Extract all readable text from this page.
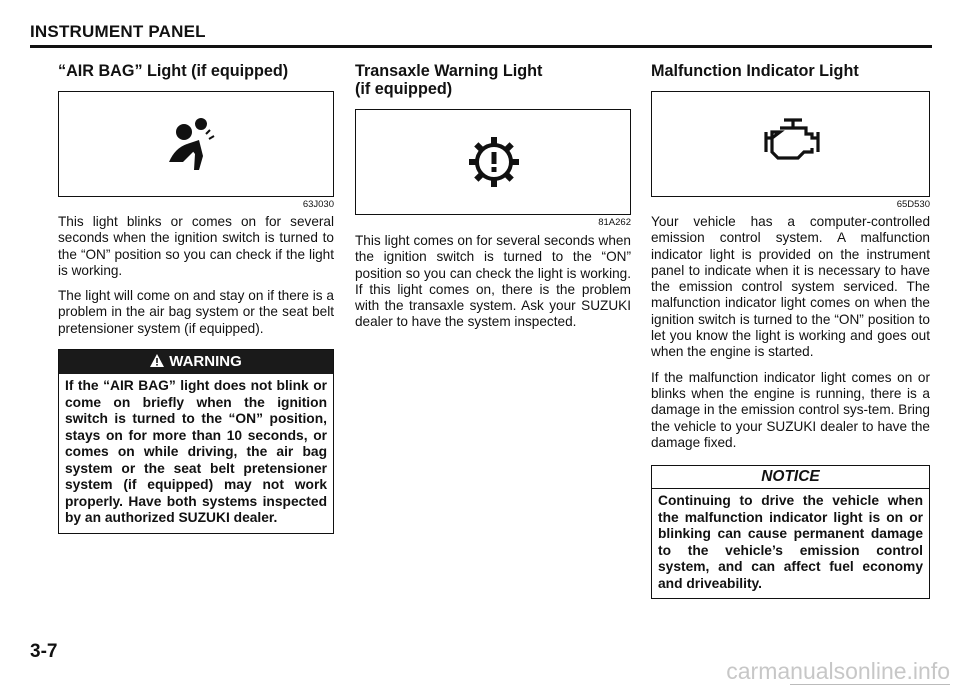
INSTRUMENT PANEL
“AIR BAG” Light (if equipped)
63J030

This light blinks or comes on for several seconds when the ignition switch is turned to the “ON” position so you can check if the light is working.

The light will come on and stay on if there is a problem in the air bag system or the seat belt pretensioner system (if equipped).

WARNING
If the “AIR BAG” light does not blink or come on briefly when the ignition switch is turned to the “ON” position, stays on for more than 10 seconds, or comes on while driving, the air bag system or the seat belt pretensioner system (if equipped) may not work properly. Have both systems inspected by an authorized SUZUKI dealer.
Transaxle Warning Light
(if equipped)
81A262

This light comes on for several seconds when the ignition switch is turned to the “ON” position so you can check the light is working. If this light comes on, there is the problem with the transaxle system. Ask your SUZUKI dealer to have the system inspected.

Malfunction Indicator Light
65D530

Your vehicle has a computer-controlled emission control system. A malfunction indicator light is provided on the instrument panel to indicate when it is necessary to have the emission control system serviced. The malfunction indicator light comes on when the ignition switch is turned to the “ON” position to let you know the light is working and goes out when the engine is started.

If the malfunction indicator light comes on or blinks when the engine is running, there is a damage in the emission control sys-tem. Bring the vehicle to your SUZUKI dealer to have the damage fixed.

NOTICE
Continuing to drive the vehicle when the malfunction indicator light is on or blinking can cause permanent damage to the vehicle’s emission control system, and can affect fuel economy and driveability.
3-7
carmanualsonline.info
